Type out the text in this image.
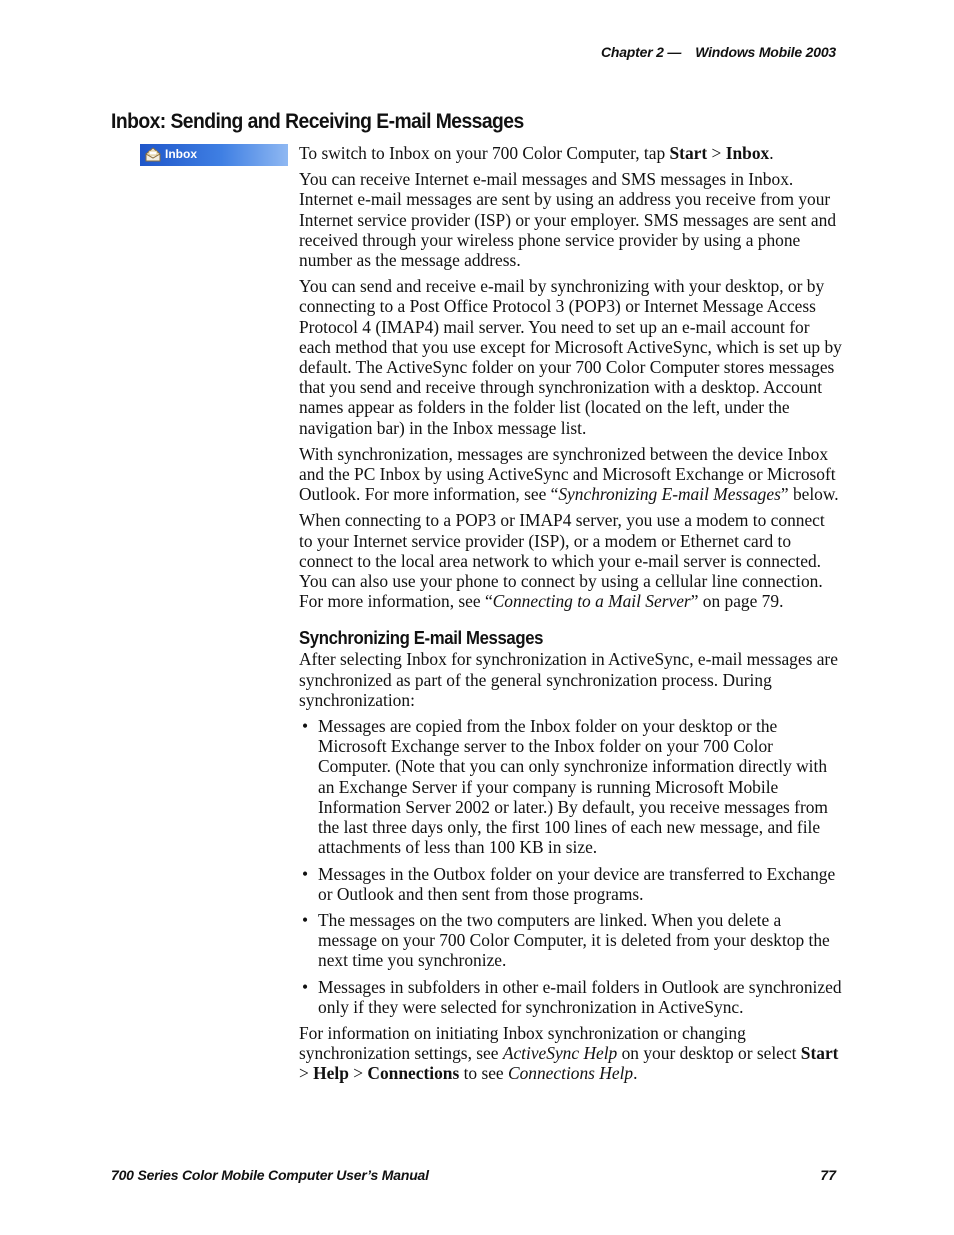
Chapter 2 — Windows Mobile 2003
Inbox: Sending and Receiving E-mail Messages
Inbox	To switch to Inbox on your 700 Color Computer, tap Start > Inbox.

You can receive Internet e-mail messages and SMS messages in Inbox. Internet e-mail messages are sent by using an address you receive from your Internet service provider (ISP) or your employer. SMS messages are sent and received through your wireless phone service provider by using a phone number as the message address.

You can send and receive e-mail by synchronizing with your desktop, or by connecting to a Post Office Protocol 3 (POP3) or Internet Message Access Protocol 4 (IMAP4) mail server. You need to set up an e-mail account for each method that you use except for Microsoft ActiveSync, which is set up by default. The ActiveSync folder on your 700 Color Computer stores messages that you send and receive through synchronization with a desktop. Account names appear as folders in the folder list (located on the left, under the navigation bar) in the Inbox message list.

With synchronization, messages are synchronized between the device Inbox and the PC Inbox by using ActiveSync and Microsoft Exchange or Microsoft Outlook. For more information, see “Synchronizing E-mail Messages” below.

When connecting to a POP3 or IMAP4 server, you use a modem to connect to your Internet service provider (ISP), or a modem or Ethernet card to connect to the local area network to which your e-mail server is connected. You can also use your phone to connect by using a cellular line connection. For more information, see “Connecting to a Mail Server” on page 79.

Synchronizing E-mail Messages

After selecting Inbox for synchronization in ActiveSync, e-mail messages are synchronized as part of the general synchronization process. During synchronization:

• Messages are copied from the Inbox folder on your desktop or the Microsoft Exchange server to the Inbox folder on your 700 Color Computer. (Note that you can only synchronize information directly with an Exchange Server if your company is running Microsoft Mobile Information Server 2002 or later.) By default, you receive messages from the last three days only, the first 100 lines of each new message, and file attachments of less than 100 KB in size.
• Messages in the Outbox folder on your device are transferred to Exchange or Outlook and then sent from those programs.
• The messages on the two computers are linked. When you delete a message on your 700 Color Computer, it is deleted from your desktop the next time you synchronize.
• Messages in subfolders in other e-mail folders in Outlook are synchronized only if they were selected for synchronization in ActiveSync.

For information on initiating Inbox synchronization or changing synchronization settings, see ActiveSync Help on your desktop or select Start > Help > Connections to see Connections Help.

700 Series Color Mobile Computer User’s Manual	77
